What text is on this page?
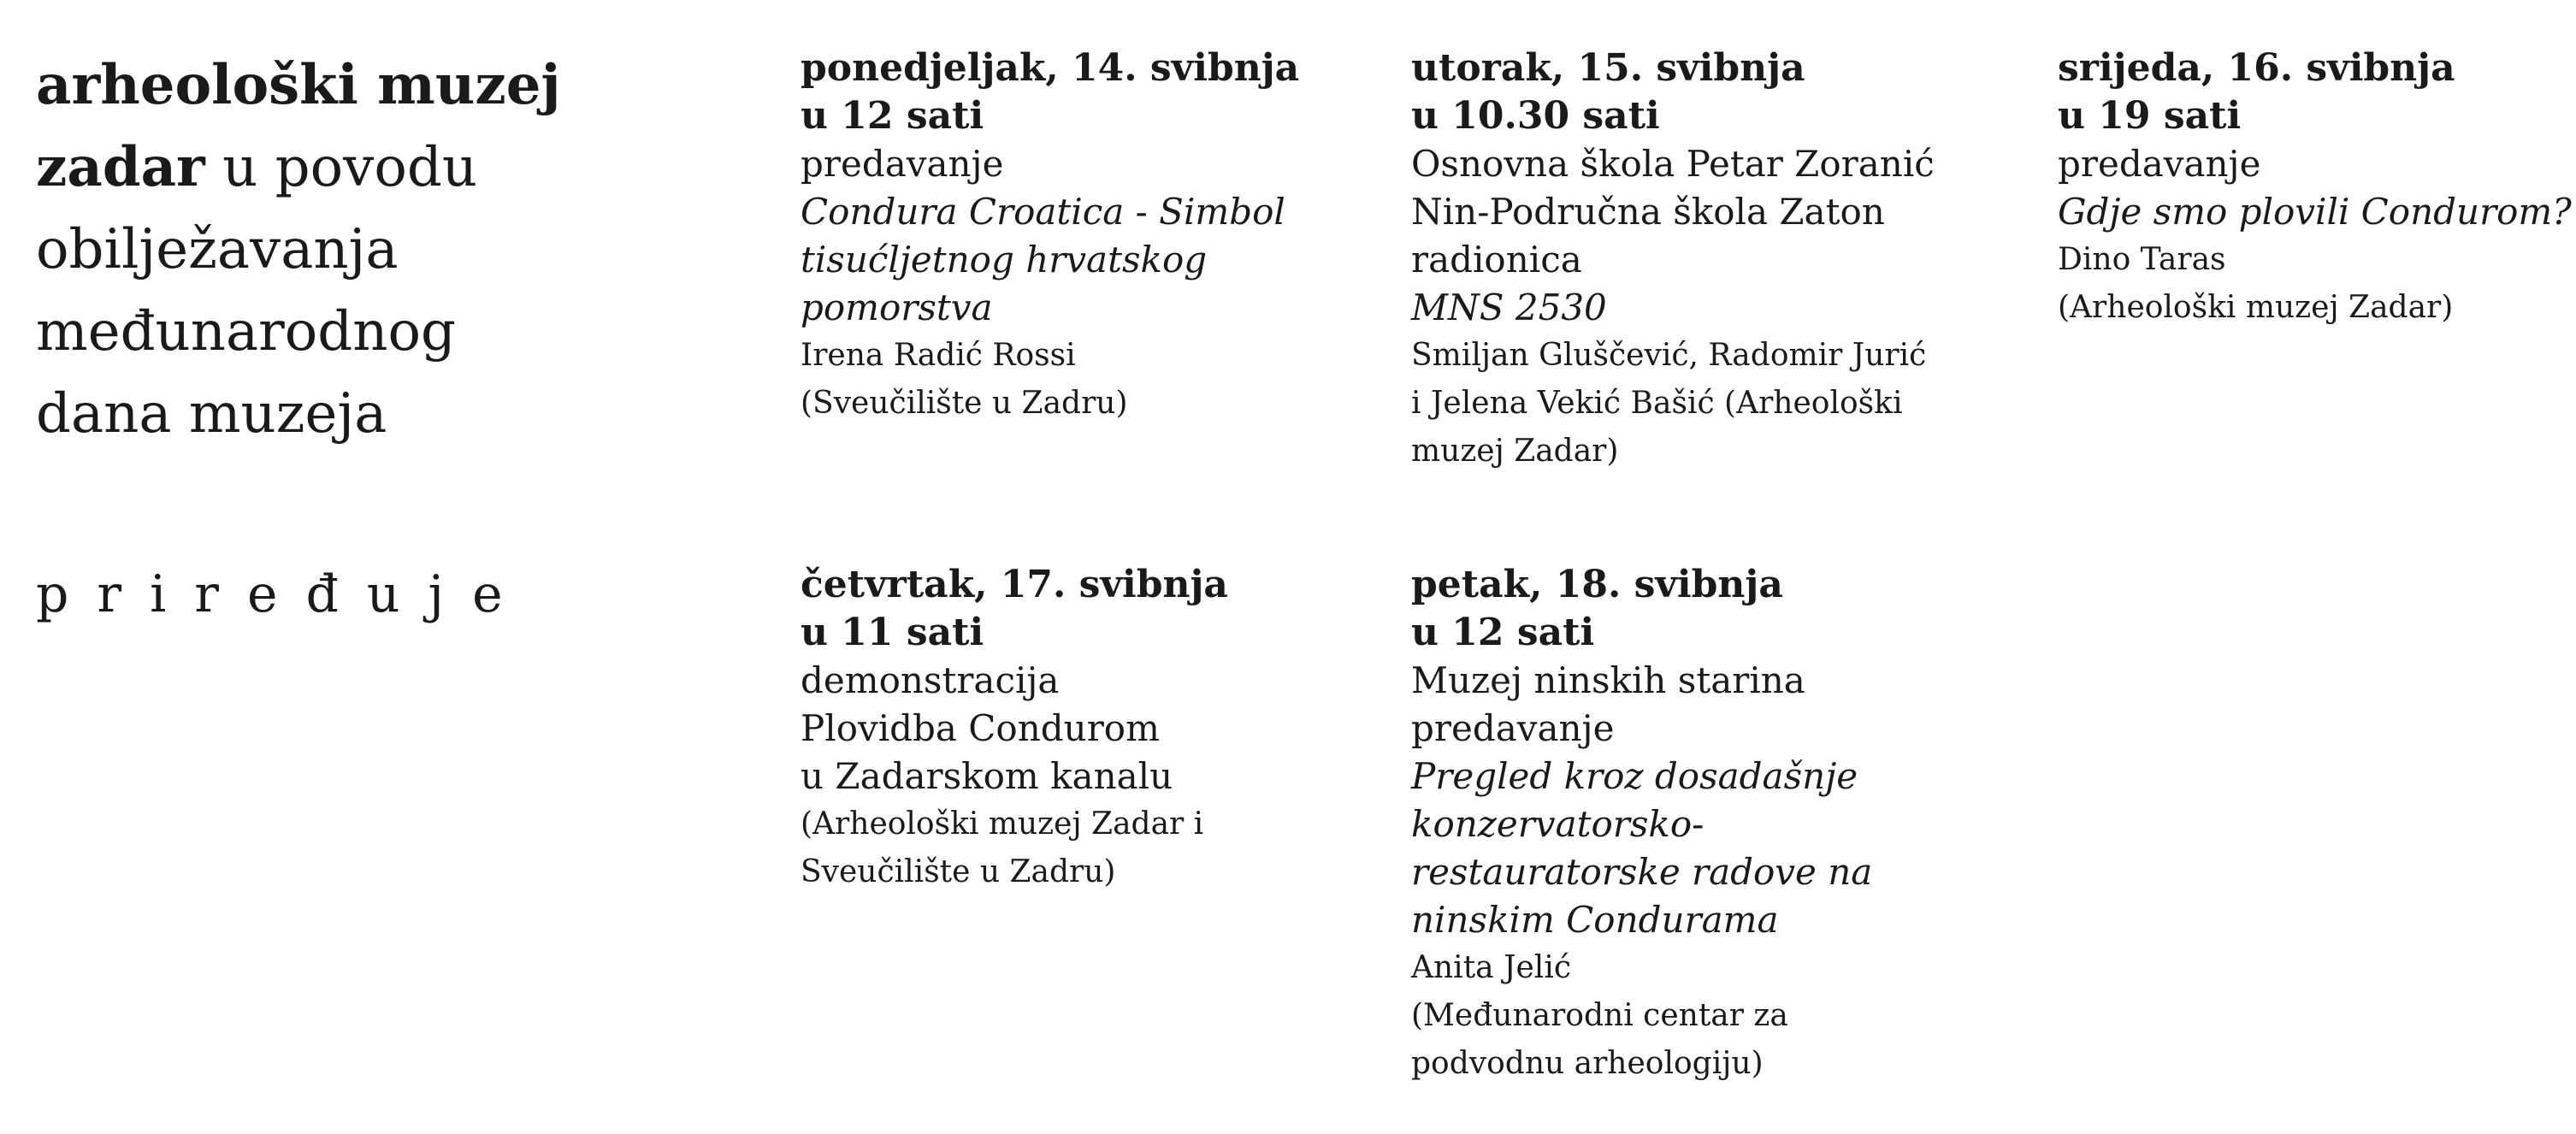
arheološki muzej
zadar u povodu
obilježavanja
međunarodnog
dana muzeja
priređuje
ponedjeljak, 14. svibnja
u 12 sati
predavanje
Condura Croatica - Simbol
tisućljetnog hrvatskog
pomorstva
Irena Radić Rossi
(Sveučilište u Zadru)
utorak, 15. svibnja
u 10.30 sati
Osnovna škola Petar Zoranić
Nin-Područna škola Zaton
radionica
MNS 2530
Smiljan Gluščević, Radomir Jurić
i Jelena Vekić Bašić (Arheološki
muzej Zadar)
srijeda, 16. svibnja
u 19 sati
predavanje
Gdje smo plovili Condurom?
Dino Taras
(Arheološki muzej Zadar)
četvrtak, 17. svibnja
u 11 sati
demonstracija
Plovidba Condurom
u Zadarskom kanalu
(Arheološki muzej Zadar i
Sveučilište u Zadru)
petak, 18. svibnja
u 12 sati
Muzej ninskih starina
predavanje
Pregled kroz dosadašnje
konzervatorsko-
restauratorske radove na
ninskim Condurama
Anita Jelić
(Međunarodni centar za
podvodnu arheologiju)
